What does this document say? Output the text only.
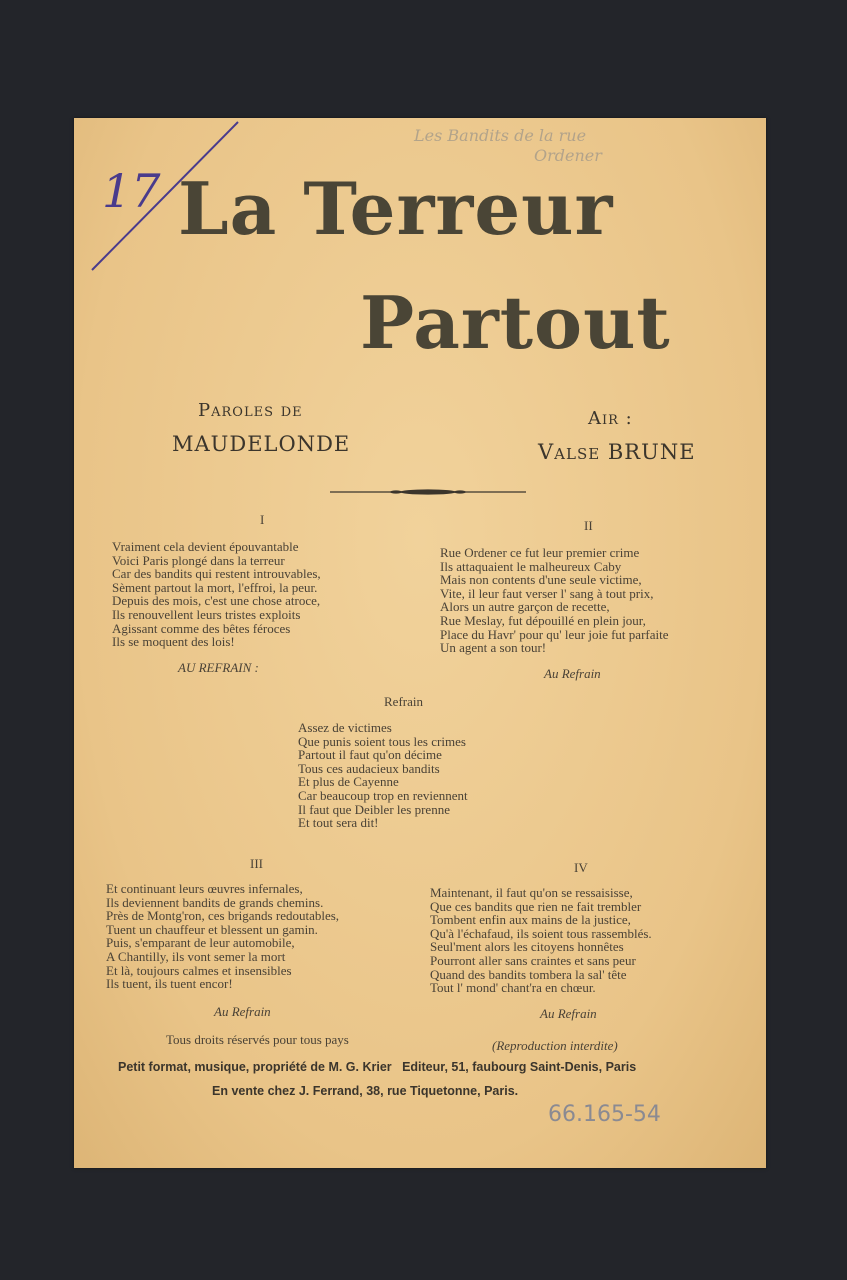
17
Les Bandits de la rue
Ordener
La Terreur
Partout
Paroles de
MAUDELONDE
Air :
Valse BRUNE
I
Vraiment cela devient épouvantable
Voici Paris plongé dans la terreur
Car des bandits qui restent introuvables,
Sèment partout la mort, l'effroi, la peur.
Depuis des mois, c'est une chose atroce,
Ils renouvellent leurs tristes exploits
Agissant comme des bêtes féroces
Ils se moquent des lois!
AU REFRAIN :
II
Rue Ordener ce fut leur premier crime
Ils attaquaient le malheureux Caby
Mais non contents d'une seule victime,
Vite, il leur faut verser l' sang à tout prix,
Alors un autre garçon de recette,
Rue Meslay, fut dépouillé en plein jour,
Place du Havr' pour qu' leur joie fut parfaite
Un agent a son tour!
Au Refrain
Refrain
Assez de victimes
Que punis soient tous les crimes
Partout il faut qu'on décime
Tous ces audacieux bandits
Et plus de Cayenne
Car beaucoup trop en reviennent
Il faut que Deibler les prenne
Et tout sera dit!
III
Et continuant leurs œuvres infernales,
Ils deviennent bandits de grands chemins.
Près de Montg'ron, ces brigands redoutables,
Tuent un chauffeur et blessent un gamin.
Puis, s'emparant de leur automobile,
A Chantilly, ils vont semer la mort
Et là, toujours calmes et insensibles
Ils tuent, ils tuent encor!
Au Refrain
IV
Maintenant, il faut qu'on se ressaisisse,
Que ces bandits que rien ne fait trembler
Tombent enfin aux mains de la justice,
Qu'à l'échafaud, ils soient tous rassemblés.
Seul'ment alors les citoyens honnêtes
Pourront aller sans craintes et sans peur
Quand des bandits tombera la sal' tête
Tout l' mond' chant'ra en chœur.
Au Refrain
Tous droits réservés pour tous pays	(Reproduction interdite)
Petit format, musique, propriété de M. G. Krier   Editeur, 51, faubourg Saint-Denis, Paris
En vente chez J. Ferrand, 38, rue Tiquetonne, Paris.
66.165-54
